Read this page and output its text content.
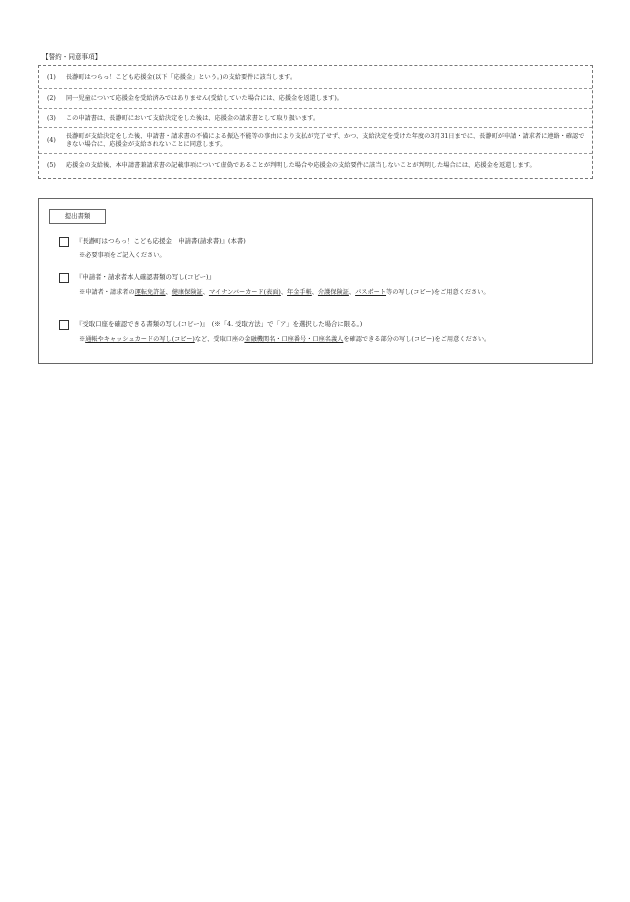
【誓約・同意事項】
(1) 長瀞町はつらっ！こども応援金(以下「応援金」という。)の支給要件に該当します。
(2) 同一児童について応援金を受給済みではありません(受給していた場合には、応援金を返還します)。
(3) この申請書は、長瀞町において支給決定をした後は、応援金の請求書として取り扱います。
(4)
長瀞町が支給決定をした後、申請書・請求書の不備による振込不能等の事由により支払が完了せず、かつ、支給決定を受けた年度の3月31日までに、長瀞町が申請・請求者に連絡・確認できない場合に、応援金が支給されないことに同意します。
(5) 応援金の支給後、本申請書兼請求書の記載事項について虚偽であることが判明した場合や応援金の支給要件に該当しないことが判明した場合には、応援金を返還します。
提出書類
『長瀞町はつらっ！こども応援金　申請書(請求書)』(本書)
※必要事項をご記入ください。
『申請者・請求者本人確認書類の写し(コピー)』
※申請者・請求者の運転免許証、健康保険証、マイナンバーカード(表面)、年金手帳、介護保険証、パスポート等の写し(コピー)をご用意ください。
『受取口座を確認できる書類の写し(コピー)』　(※「4. 受取方法」で「ア」を選択した場合に限る。)
※通帳やキャッシュカードの写し(コピー)など、受取口座の金融機関名・口座番号・口座名義人を確認できる部分の写し(コピー)をご用意ください。
